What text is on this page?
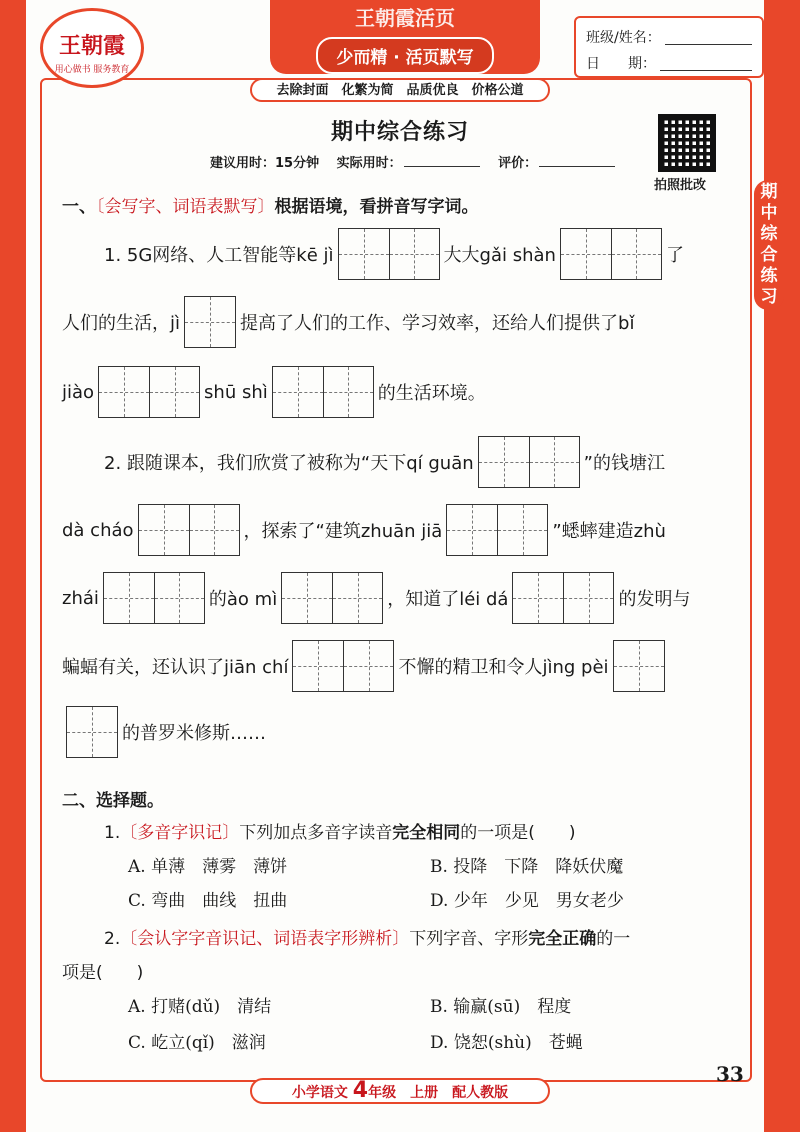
王朝霞
用心做书 服务教育
王朝霞活页
少而精 · 活页默写
班级/姓名：
日　　期：
去除封面　化繁为简　品质优良　价格公道
期中综合练习
建议用时：15分钟　 实际用时：	评价：
拍照批改	期中综合练习
一、〔会写字、词语表默写〕根据语境，看拼音写字词。
1. 5G网络、人工智能等kē jì	大大gǎi shàn	了
人们的生活，jì	提高了人们的工作、学习效率，还给人们提供了bǐ
jiào	shū shì	的生活环境。
2. 跟随课本，我们欣赏了被称为“天下qí guān	”的钱塘江
dà cháo	，探索了“建筑zhuān jiā	”蟋蟀建造zhù
zhái	的ào mì	，知道了léi dá	的发明与
蝙蝠有关，还认识了jiān chí	不懈的精卫和令人jìng pèi
的普罗米修斯……
二、选择题。
1.〔多音字识记〕下列加点多音字读音完全相同的一项是(　　)
A. 单薄　薄雾　薄饼	B. 投降　下降　降妖伏魔
C. 弯曲　曲线　扭曲	D. 少年　少见　男女老少
2.〔会认字字音识记、词语表字形辨析〕下列字音、字形完全正确的一
项是(　　)
A. 打赌(dǔ)　清结	B. 输赢(sū)　程度
C. 屹立(qǐ)　滋润	D. 饶恕(shù)　苍蝇
小学语文 4年级　上册　配人教版
33
